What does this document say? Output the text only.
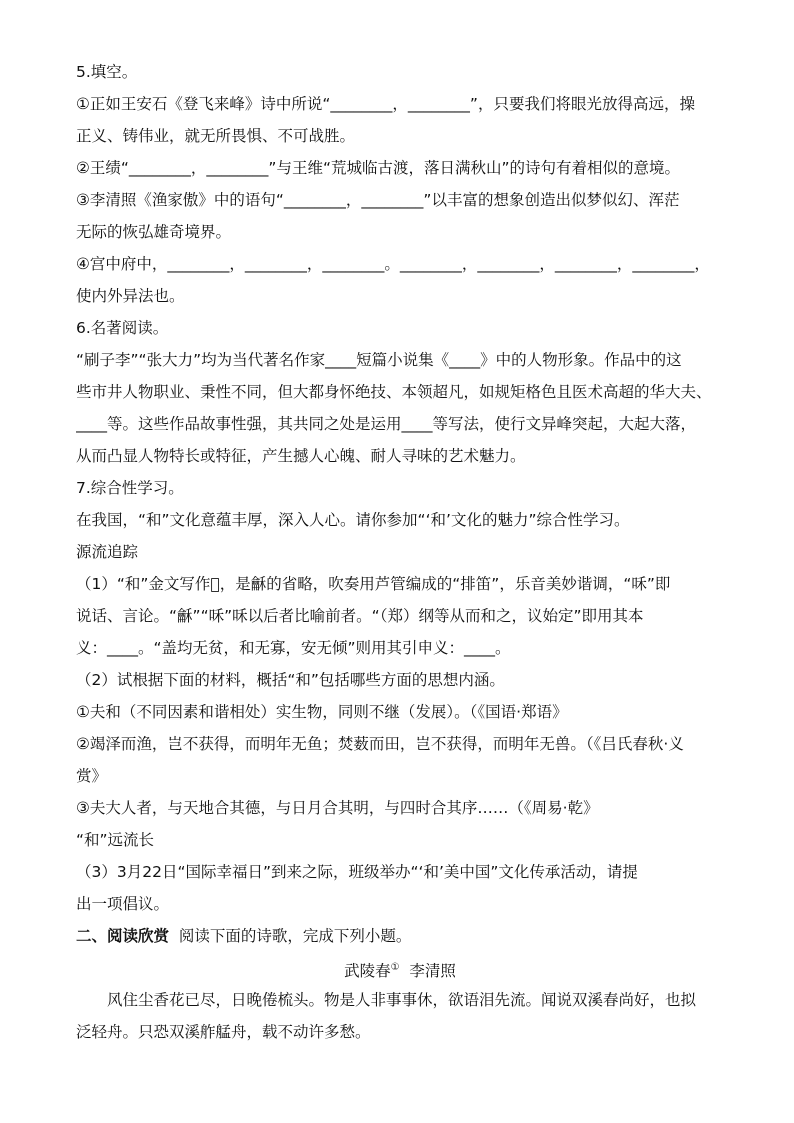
5.填空。
①正如王安石《登飞来峰》诗中所说“________，________”，只要我们将眼光放得高远，操
正义、铸伟业，就无所畏惧、不可战胜。
②王绩“________，________”与王维“荒城临古渡，落日满秋山”的诗句有着相似的意境。
③李清照《渔家傲》中的语句“________，________”以丰富的想象创造出似梦似幻、浑茫
无际的恢弘雄奇境界。
④宫中府中，________，________，________。________，________，________，________，
使内外异法也。
6.名著阅读。
“刷子李”“张大力”均为当代著名作家____短篇小说集《____》中的人物形象。作品中的这
些市井人物职业、秉性不同，但大都身怀绝技、本领超凡，如规矩格色且医术高超的华大夫、
____等。这些作品故事性强，其共同之处是运用____等写法，使行文异峰突起，大起大落，
从而凸显人物特长或特征，产生撼人心魄、耐人寻味的艺术魅力。
7.综合性学习。
在我国，“和”文化意蕴丰厚，深入人心。请你参加“‘和’文化的魅力”综合性学习。
源流追踪
（1）“和”金文写作𢍩，是龢的省略，吹奏用芦管编成的“排笛”，乐音美妙谐调，“咊”即
说话、言论。“龢”“咊”咊以后者比喻前者。“（郑）纲等从而和之，议始定”即用其本
义：____。“盖均无贫，和无寡，安无倾”则用其引申义：____。
（2）试根据下面的材料，概括“和”包括哪些方面的思想内涵。
①夫和（不同因素和谐相处）实生物，同则不继（发展）。（《国语·郑语》
②竭泽而渔，岂不获得，而明年无鱼；焚薮而田，岂不获得，而明年无兽。（《吕氏春秋·义
赏》
③夫大人者，与天地合其德，与日月合其明，与四时合其序……（《周易·乾》
“和”远流长
（3）3月22日“国际幸福日”到来之际，班级举办“‘和’美中国”文化传承活动，请提
出一项倡议。
二、阅读欣赏 阅读下面的诗歌，完成下列小题。
武陵春① 李清照
风住尘香花已尽，日晚倦梳头。物是人非事事休，欲语泪先流。闻说双溪春尚好，也拟
泛轻舟。只恐双溪舴艋舟，载不动许多愁。
